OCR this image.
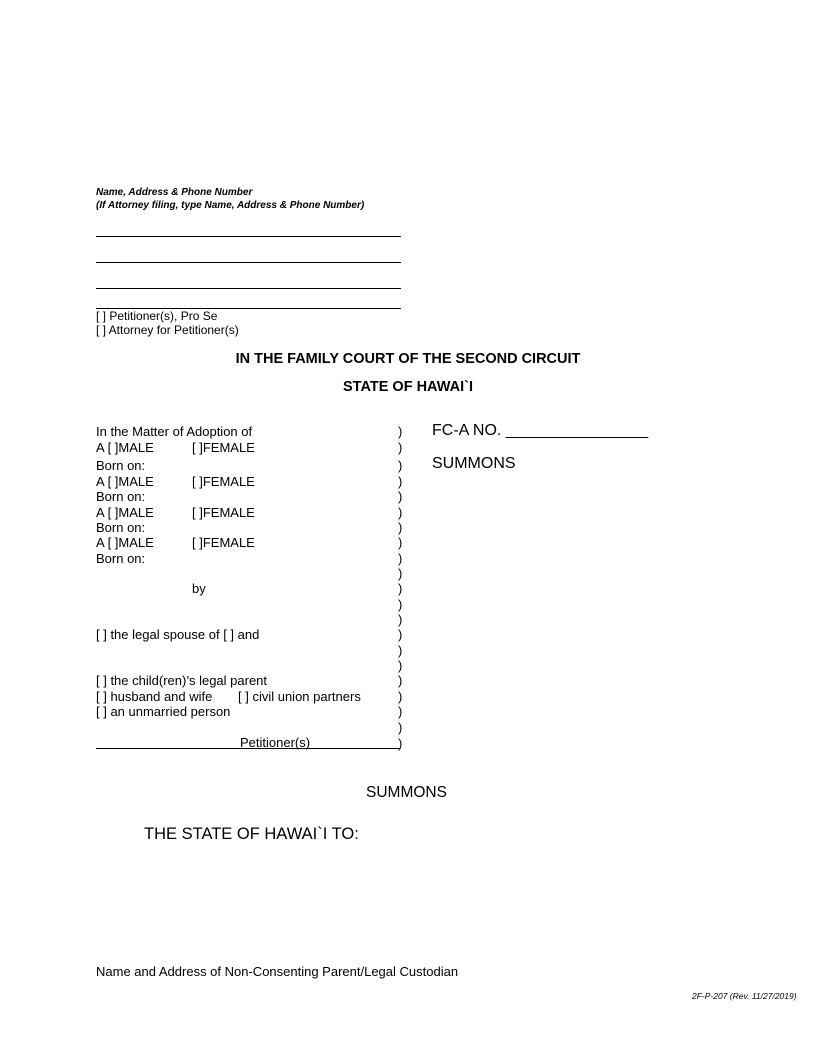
Name, Address & Phone Number
(If Attorney filing, type Name, Address & Phone Number)
[ ] Petitioner(s), Pro Se
[ ] Attorney for Petitioner(s)
IN THE FAMILY COURT OF THE SECOND CIRCUIT
STATE OF HAWAI`I
In the Matter of Adoption of
A [ ]MALE	[ ]FEMALE
Born on:
A [ ]MALE	[ ]FEMALE
Born on:
A [ ]MALE	[ ]FEMALE
Born on:
A [ ]MALE	[ ]FEMALE
Born on:
by
[ ] the legal spouse of [ ] and
[ ] the child(ren)’s legal parent
[ ] husband and wife [ ] civil union partners
[ ] an unmarried person
Petitioner(s)
)
)
)
)
)
)
)
)
)
)
)
)
)
)
)
)
)
)
)
)
)
FC-A NO. ________________
SUMMONS
SUMMONS
THE STATE OF HAWAI`I TO:
Name and Address of Non-Consenting Parent/Legal Custodian
2F-P-207 (Rev. 11/27/2019)
